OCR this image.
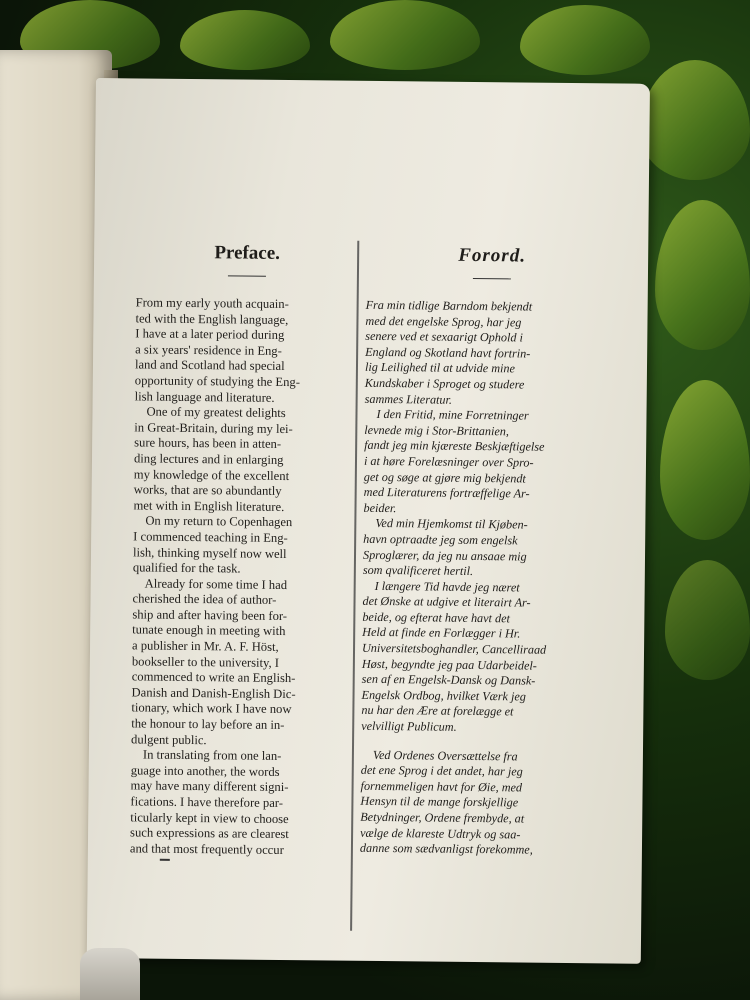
Preface.
From my early youth acquain-
ted with the English language,
I have at a later period during
a six years' residence in Eng-
land and Scotland had special
opportunity of studying the Eng-
lish language and literature.
One of my greatest delights
in Great-Britain, during my lei-
sure hours, has been in atten-
ding lectures and in enlarging
my knowledge of the excellent
works, that are so abundantly
met with in English literature.
On my return to Copenhagen
I commenced teaching in Eng-
lish, thinking myself now well
qualified for the task.
Already for some time I had
cherished the idea of author-
ship and after having been for-
tunate enough in meeting with
a publisher in Mr. A. F. Höst,
bookseller to the university, I
commenced to write an English-
Danish and Danish-English Dic-
tionary, which work I have now
the honour to lay before an in-
dulgent public.
In translating from one lan-
guage into another, the words
may have many different signi-
fications. I have therefore par-
ticularly kept in view to choose
such expressions as are clearest
and that most frequently occur
Forord.
Fra min tidlige Barndom bekjendt
med det engelske Sprog, har jeg
senere ved et sexaarigt Ophold i
England og Skotland havt fortrin-
lig Leilighed til at udvide mine
Kundskaber i Sproget og studere
sammes Literatur.
I den Fritid, mine Forretninger
levnede mig i Stor-Brittanien,
fandt jeg min kjæreste Beskjæftigelse
i at høre Forelæsninger over Spro-
get og søge at gjøre mig bekjendt
med Literaturens fortræffelige Ar-
beider.
Ved min Hjemkomst til Kjøben-
havn optraadte jeg som engelsk
Sproglærer, da jeg nu ansaae mig
som qvalificeret hertil.
I længere Tid havde jeg næret
det Ønske at udgive et literairt Ar-
beide, og efterat have havt det
Held at finde en Forlægger i Hr.
Universitetsboghandler, Cancelliraad
Høst, begyndte jeg paa Udarbeidel-
sen af en Engelsk-Dansk og Dansk-
Engelsk Ordbog, hvilket Værk jeg
nu har den Ære at forelægge et
velvilligt Publicum.
Ved Ordenes Oversættelse fra
det ene Sprog i det andet, har jeg
fornemmeligen havt for Øie, med
Hensyn til de mange forskjellige
Betydninger, Ordene frembyde, at
vælge de klareste Udtryk og saa-
danne som sædvanligst forekomme,
